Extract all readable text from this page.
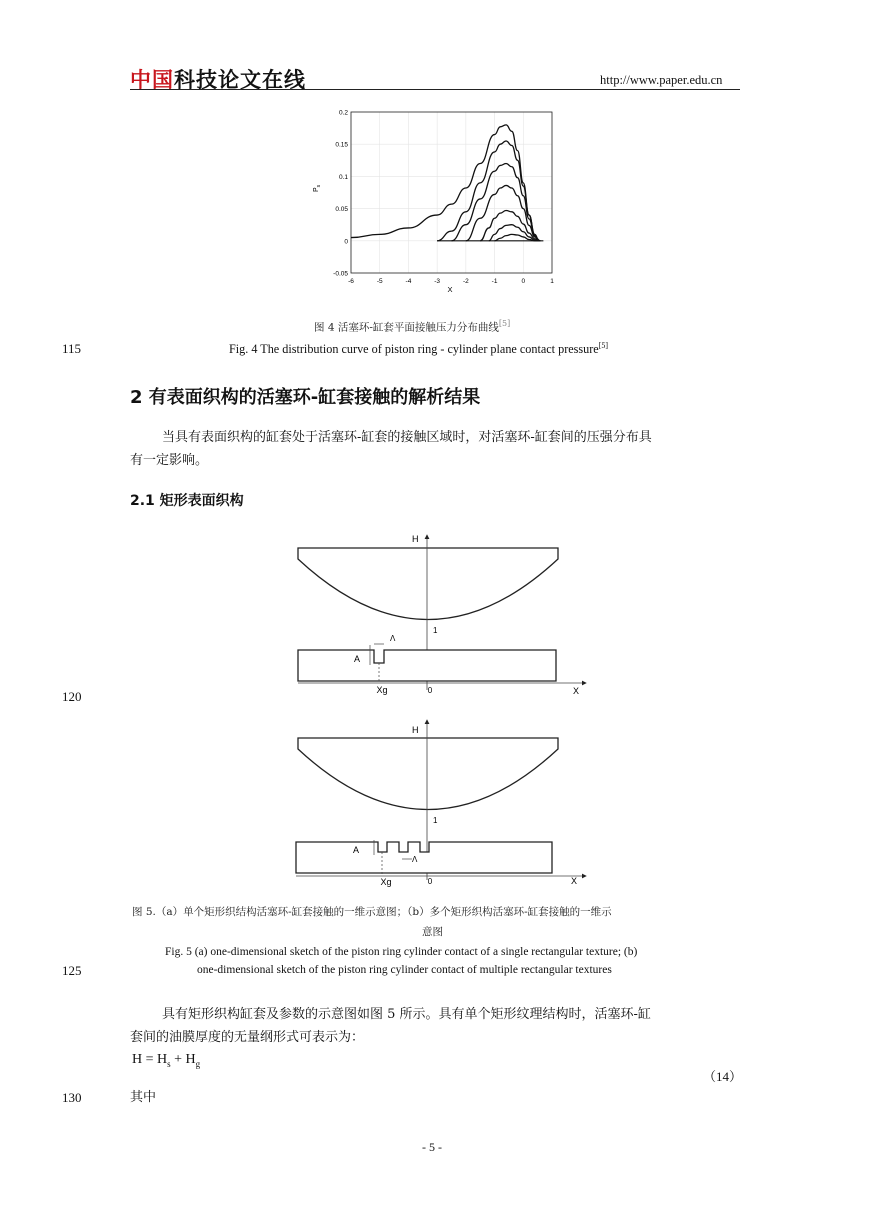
中国科技论文在线	http://www.paper.edu.cn
0.2
0.15
0.1
0.05
0
-0.05
-6	-5	-4	-3	-2	-1	0	1
$P_s$
X
图 4 活塞环-缸套平面接触压力分布曲线[5]
115	Fig. 4 The distribution curve of piston ring - cylinder plane contact pressure[5]
2 有表面织构的活塞环-缸套接触的解析结果
当具有表面织构的缸套处于活塞环-缸套的接触区域时，对活塞环-缸套间的压强分布具
有一定影响。
2.1 矩形表面织构
H
1
Λ
A
Xg	0	X
120
H
1
A
Λ
Xg	0	X
图 5.（a）单个矩形织结构活塞环-缸套接触的一维示意图；（b）多个矩形织构活塞环-缸套接触的一维示
意图
Fig. 5 (a) one-dimensional sketch of the piston ring cylinder contact of a single rectangular texture; (b)
125	one-dimensional sketch of the piston ring cylinder contact of multiple rectangular textures
具有矩形织构缸套及参数的示意图如图 5 所示。具有单个矩形纹理结构时，活塞环-缸
套间的油膜厚度的无量纲形式可表示为：
$H = H_s + H_g$
（14）
130	其中
- 5 -
